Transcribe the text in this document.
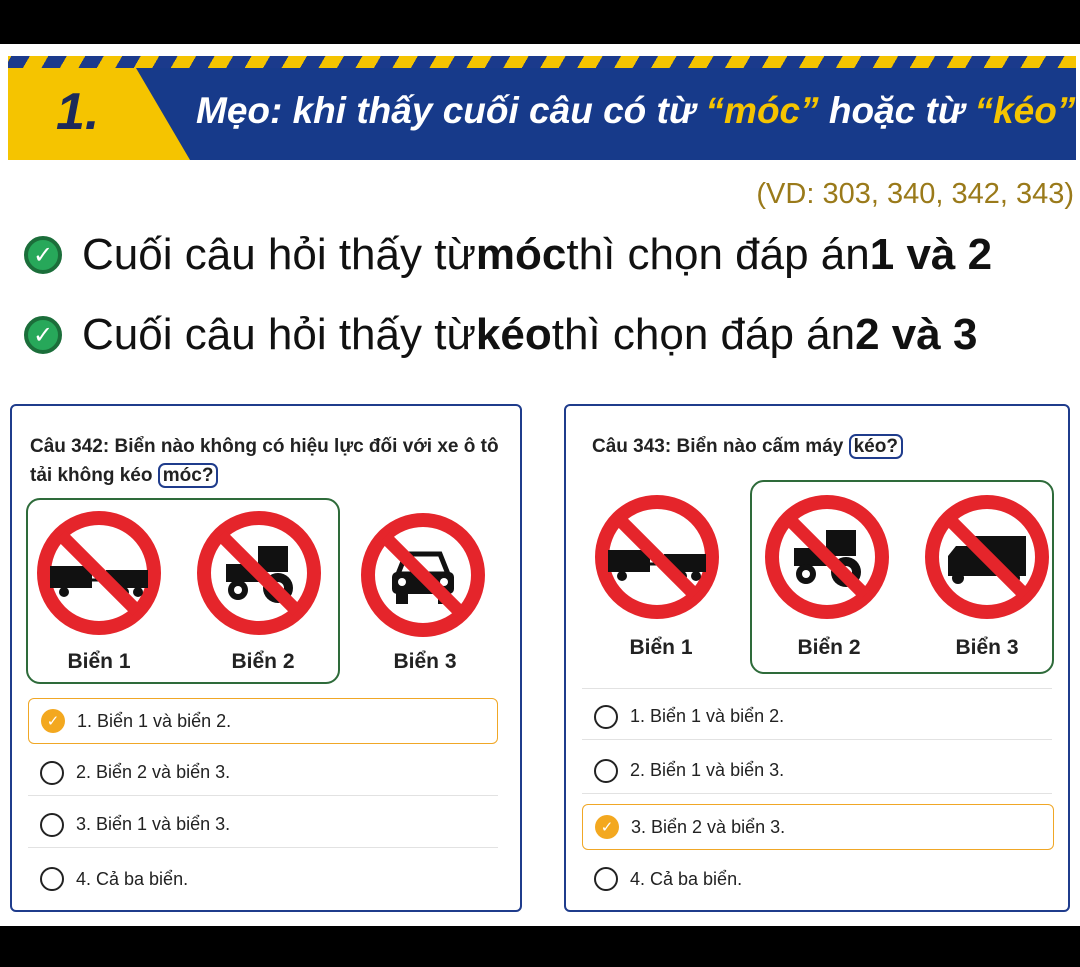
1.	Mẹo: khi thấy cuối câu có từ “móc” hoặc từ “kéo”
(VD: 303, 340, 342, 343)
✓ Cuối câu hỏi thấy từ móc thì chọn đáp án 1 và 2
✓ Cuối câu hỏi thấy từ kéo thì chọn đáp án 2 và 3
Câu 342: Biển nào không có hiệu lực đối với xe ô tô tải không kéo móc?
Biển 1	Biển 2	Biển 3
✓ 1. Biển 1 và biển 2.
2. Biển 2 và biển 3.
3. Biển 1 và biển 3.
4. Cả ba biển.
Câu 343: Biển nào cấm máy kéo?
Biển 1	Biển 2	Biển 3
1. Biển 1 và biển 2.
2. Biển 1 và biển 3.
✓ 3. Biển 2 và biển 3.
4. Cả ba biển.
